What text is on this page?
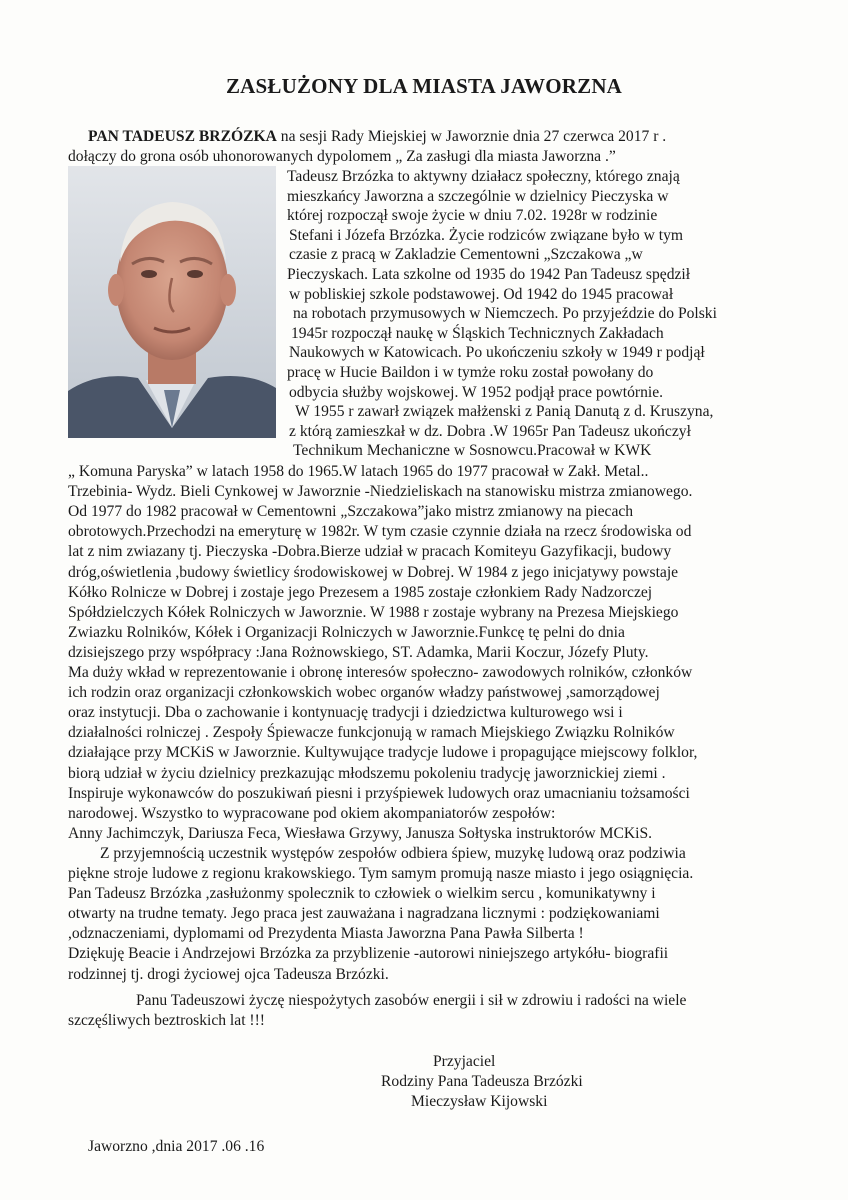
ZASŁUŻONY DLA MIASTA JAWORZNA
PAN TADEUSZ BRZÓZKA na sesji Rady Miejskiej w Jaworznie dnia 27 czerwca 2017 r .
dołączy do grona osób uhonorowanych dypolomem „ Za zasługi dla miasta Jaworzna .”
Tadeusz Brzózka to aktywny działacz społeczny, którego znają
mieszkańcy Jaworzna a szczególnie w dzielnicy Pieczyska w
której rozpoczął swoje życie w dniu 7.02. 1928r w rodzinie
Stefani i Józefa Brzózka. Życie rodziców związane było w tym
czasie z pracą w Zakladzie Cementowni „Szczakowa „w
Pieczyskach. Lata szkolne od 1935 do 1942 Pan Tadeusz spędził
w pobliskiej szkole podstawowej. Od 1942 do 1945 pracował
na robotach przymusowych w Niemczech. Po przyjeździe do Polski
1945r rozpoczął naukę w Śląskich Technicznych Zakładach
Naukowych w Katowicach. Po ukończeniu szkoły w 1949 r podjął
pracę w Hucie Baildon i w tymże roku został powołany do
odbycia służby wojskowej. W 1952 podjął prace powtórnie.
W 1955 r zawarł związek małżenski z Panią Danutą z d. Kruszyna,
z którą zamieszkał w dz. Dobra .W 1965r Pan Tadeusz ukończył
Technikum Mechaniczne w Sosnowcu.Pracował w KWK
„ Komuna Paryska” w latach 1958 do 1965.W latach 1965 do 1977 pracował w Zakł. Metal..
Trzebinia- Wydz. Bieli Cynkowej w Jaworznie -Niedzieliskach na stanowisku mistrza zmianowego.
Od 1977 do 1982 pracował w Cementowni „Szczakowa”jako mistrz zmianowy na piecach
obrotowych.Przechodzi na emeryturę w 1982r. W tym czasie czynnie działa na rzecz środowiska od
lat z nim zwiazany tj. Pieczyska -Dobra.Bierze udział w pracach Komiteyu Gazyfikacji, budowy
dróg,oświetlenia ,budowy świetlicy środowiskowej w Dobrej. W 1984 z jego inicjatywy powstaje
Kółko Rolnicze w Dobrej i zostaje jego Prezesem a 1985 zostaje członkiem Rady Nadzorczej
Spółdzielczych Kółek Rolniczych w Jaworznie. W 1988 r zostaje wybrany na Prezesa Miejskiego
Zwiazku Rolników, Kółek i Organizacji Rolniczych w Jaworznie.Funkcę tę pelni do dnia
dzisiejszego przy współpracy :Jana Rożnowskiego, ST. Adamka, Marii Koczur, Józefy Pluty.
Ma duży wkład w reprezentowanie i obronę interesów społeczno- zawodowych rolników, członków
ich rodzin oraz organizacji członkowskich wobec organów władzy państwowej ,samorządowej
oraz instytucji. Dba o zachowanie i kontynuację tradycji i dziedzictwa kulturowego wsi i
działalności rolniczej . Zespoły Śpiewacze funkcjonują w ramach Miejskiego Związku Rolników
działające przy MCKiS w Jaworznie. Kultywujące tradycje ludowe i propagujące miejscowy folklor,
biorą udział w życiu dzielnicy prezkazując młodszemu pokoleniu tradycję jaworznickiej ziemi .
Inspiruje wykonawców do poszukiwań piesni i przyśpiewek ludowych oraz umacnianiu tożsamości
narodowej. Wszystko to wypracowane pod okiem akompaniatorów zespołów:
Anny Jachimczyk, Dariusza Feca, Wiesława Grzywy, Janusza Sołtyska instruktorów MCKiS.
Z przyjemnością uczestnik występów zespołów odbiera śpiew, muzykę ludową oraz podziwia
piękne stroje ludowe z regionu krakowskiego. Tym samym promują nasze miasto i jego osiągnięcia.
Pan Tadeusz Brzózka ,zasłużonmy spolecznik to człowiek o wielkim sercu , komunikatywny i
otwarty na trudne tematy. Jego praca jest zauważana i nagradzana licznymi : podziękowaniami
,odznaczeniami, dyplomami od Prezydenta Miasta Jaworzna Pana Pawła Silberta !
Dziękuję Beacie i Andrzejowi Brzózka za przyblizenie -autorowi niniejszego artykółu- biografii
rodzinnej tj. drogi życiowej ojca Tadeusza Brzózki.
Panu Tadeuszowi życzę niespożytych zasobów energii i sił w zdrowiu i radości na wiele
szczęśliwych beztroskich lat !!!
Przyjaciel
Rodziny Pana Tadeusza Brzózki
Mieczysław Kijowski
Jaworzno ,dnia 2017 .06 .16
